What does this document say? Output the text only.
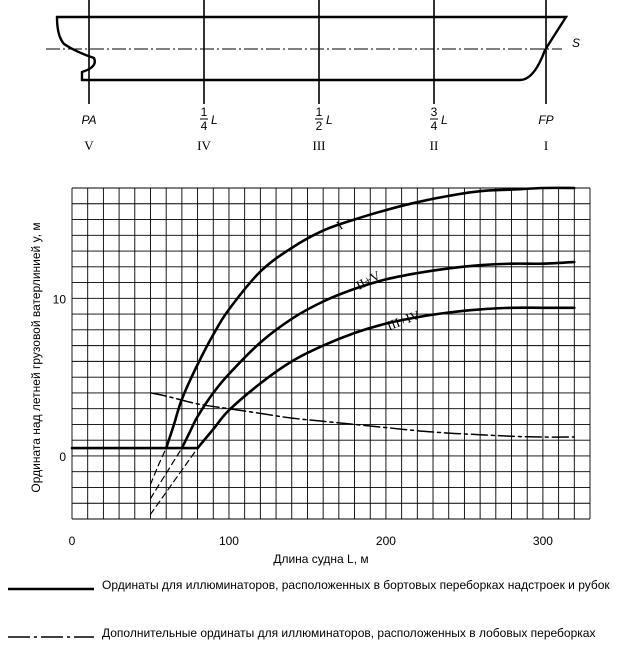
S
PA
V
1
4 L
IV
1
2 L
III
3
4 L
II
FP
I
I
II+V
III+IV
0	100	200	300
0
10
Длина судна L, м
Ордината над летней грузовой ватерлинией y, м
Ординаты для иллюминаторов, расположенных в бортовых переборках надстроек и рубок
Дополнительные ординаты для иллюминаторов, расположенных в лобовых переборках
